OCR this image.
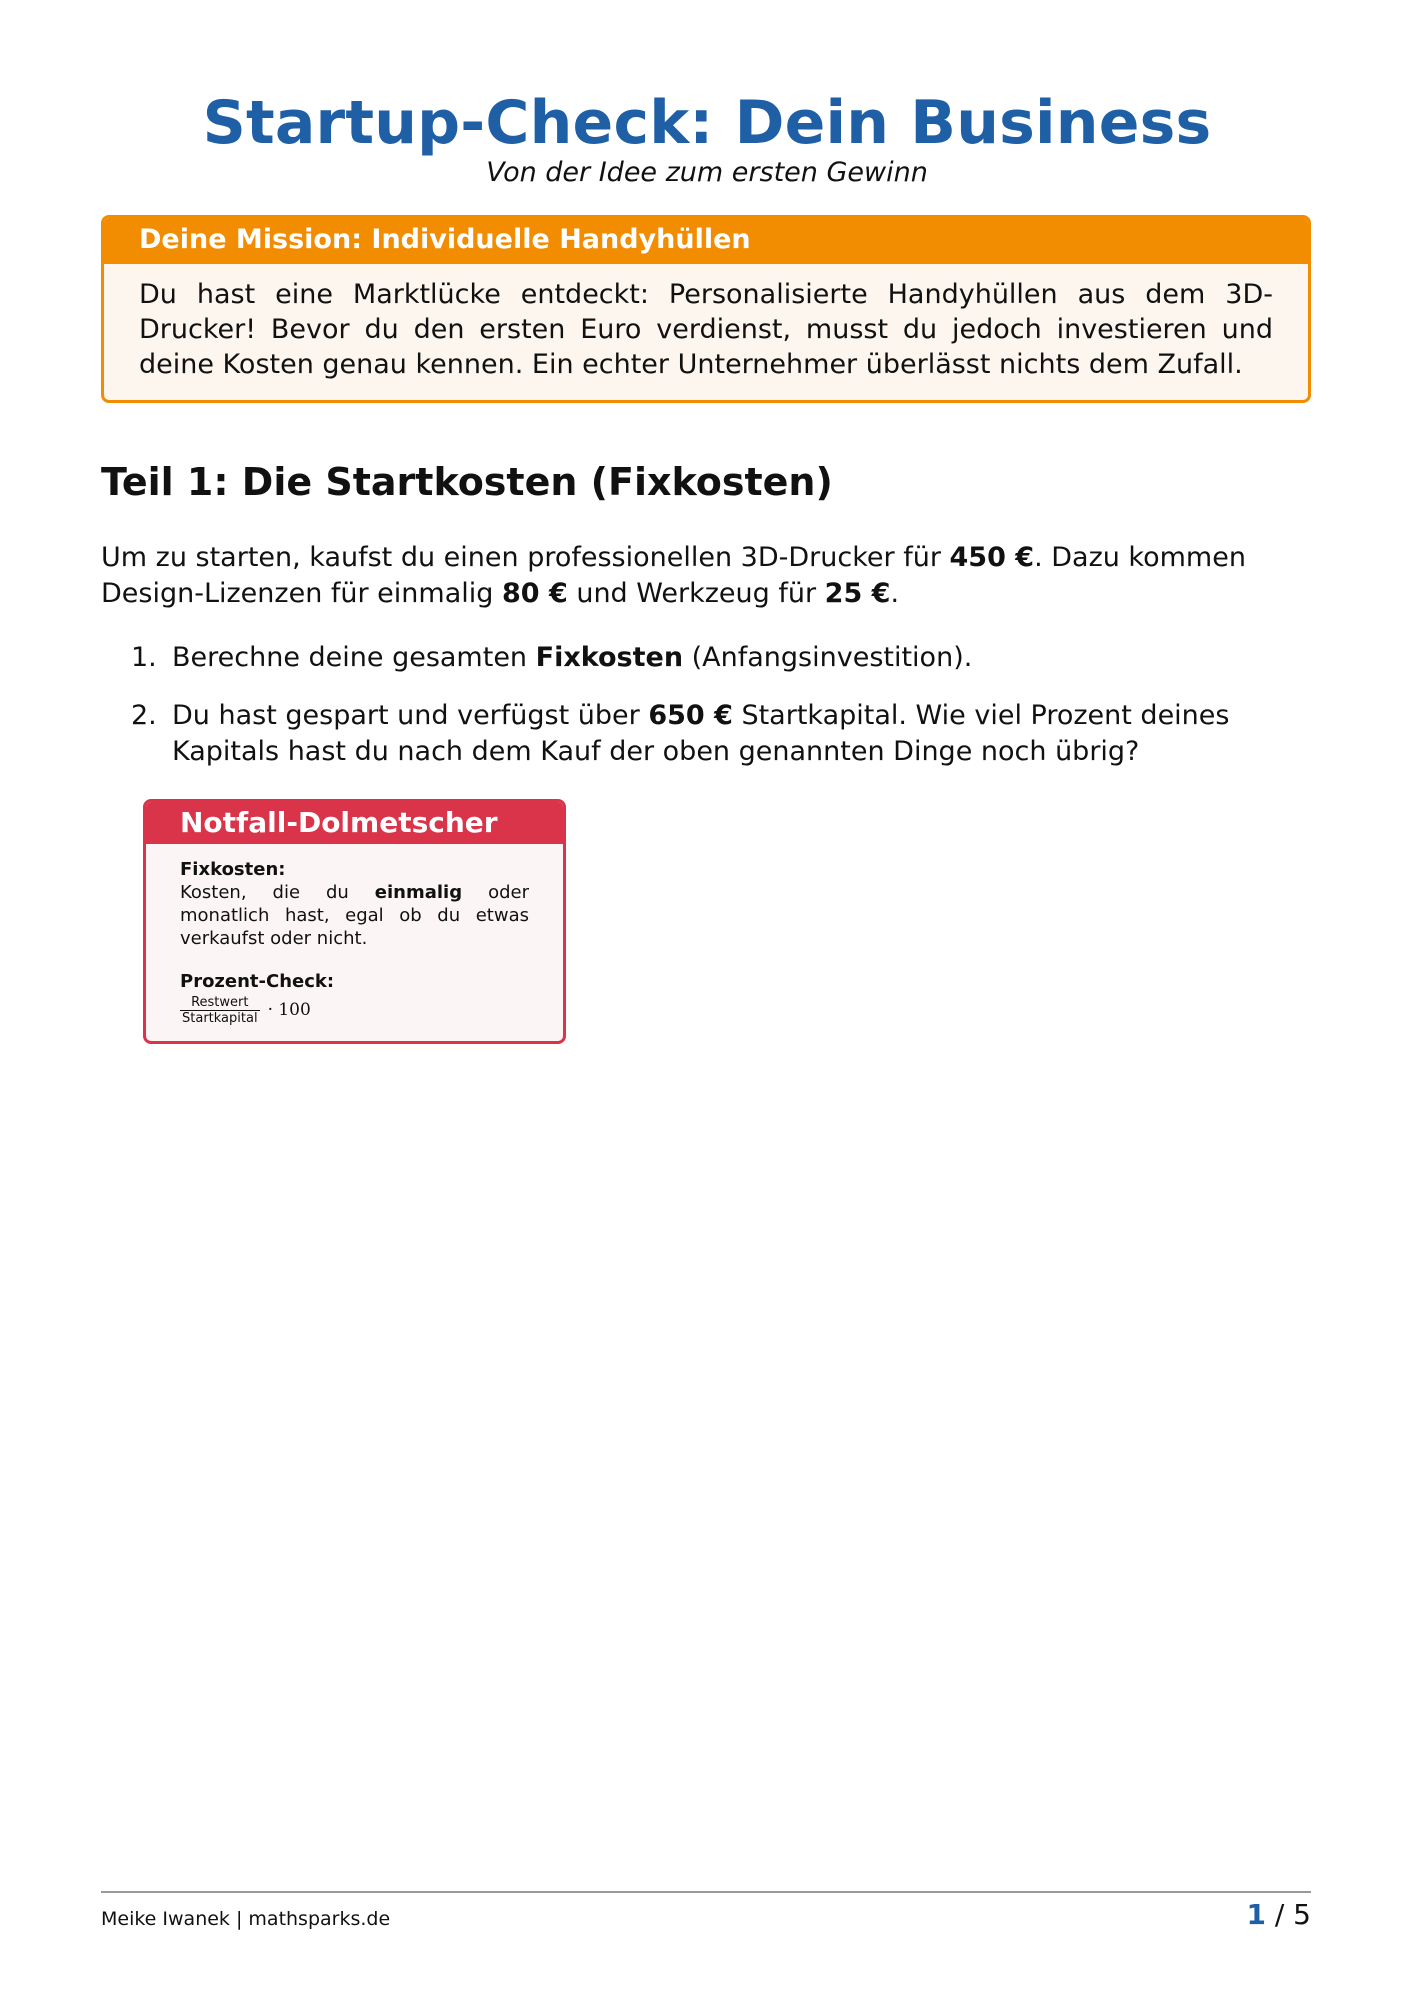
Startup-Check: Dein Business
Von der Idee zum ersten Gewinn
Deine Mission: Individuelle Handyhüllen
Du hast eine Marktlücke entdeckt: Personalisierte Handyhüllen aus dem 3D-Drucker! Bevor du den ersten Euro verdienst, musst du jedoch investieren und deine Kosten genau kennen. Ein echter Unternehmer überlässt nichts dem Zufall.
Teil 1: Die Startkosten (Fixkosten)
Um zu starten, kaufst du einen professionellen 3D-Drucker für 450 €. Dazu kommen Design-Lizenzen für einmalig 80 € und Werkzeug für 25 €.
1. Berechne deine gesamten Fixkosten (Anfangsinvestition).
2. Du hast gespart und verfügst über 650 € Startkapital. Wie viel Prozent deines Kapitals hast du nach dem Kauf der oben genannten Dinge noch übrig?
Notfall-Dolmetscher
Fixkosten:
Kosten, die du einmalig oder monatlich hast, egal ob du etwas verkaufst oder nicht.
Prozent-Check:
$\frac{\text{Restwert}}{\text{Startkapital}} \cdot 100$
Meike Iwanek | mathsparks.de	1 / 5
